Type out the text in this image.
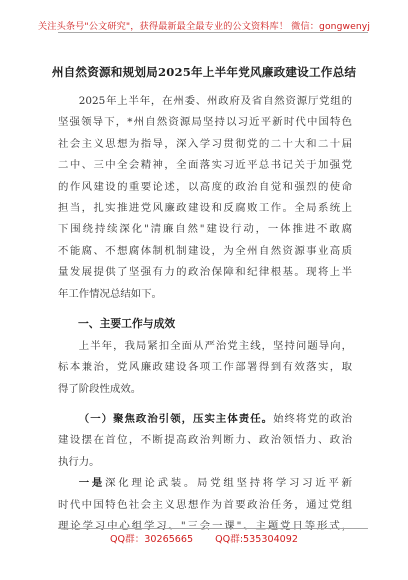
关注头条号"公文研究"，获得最新最全最专业的公文资料库！ 微信：gongwenyj
州自然资源和规划局2025年上半年党风廉政建设工作总结
2025年上半年，在州委、州政府及省自然资源厅党组的
坚强领导下，*州自然资源局坚持以习近平新时代中国特色
社会主义思想为指导，深入学习贯彻党的二十大和二十届
二中、三中全会精神，全面落实习近平总书记关于加强党
的作风建设的重要论述，以高度的政治自觉和强烈的使命
担当，扎实推进党风廉政建设和反腐败工作。全局系统上
下围绕持续深化"清廉自然"建设行动，一体推进不敢腐
不能腐、不想腐体制机制建设，为全州自然资源事业高质
量发展提供了坚强有力的政治保障和纪律根基。现将上半
年工作情况总结如下。
一、主要工作与成效
上半年，我局紧扣全面从严治党主线，坚持问题导向，
标本兼治，党风廉政建设各项工作部署得到有效落实，取
得了阶段性成效。
（一）聚焦政治引领，压实主体责任。始终将党的政治
建设摆在首位，不断提高政治判断力、政治领悟力、政治
执行力。
一是深化理论武装。局党组坚持将学习习近平新
时代中国特色社会主义思想作为首要政治任务，通过党组
理论学习中心组学习、"三会一课"、主题党日等形式，
QQ群：30265665 QQ群:535304092
